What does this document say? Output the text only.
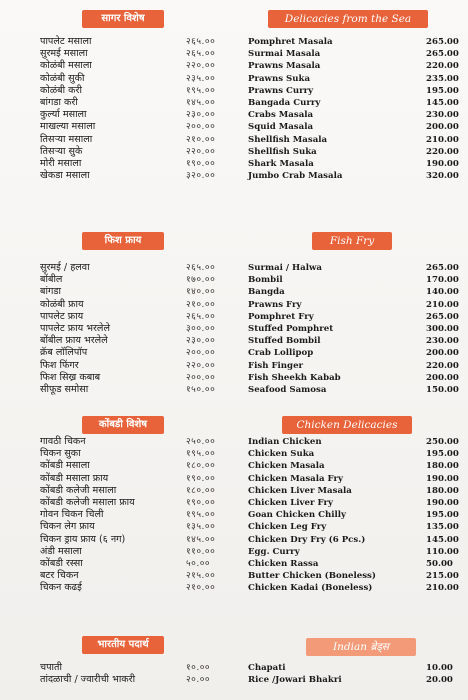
सागर विशेष	Delicacies from the Sea
पापलेट मसाला	२६५.००
सुरमई मसाला	२६५.००
कोळंबी मसाला	२२०.००
कोळंबी सुकी	२३५.००
कोळंबी करी	१९५.००
बांगडा करी	१४५.००
कुर्ल्या मसाला	२३०.००
माखल्या मसाला	२००.००
तिसऱ्या मसाला	२१०.००
तिसऱ्या सुके	२२०.००
मोरी मसाला	१९०.००
खेकडा मसाला	३२०.००
Pomphret Masala	265.00
Surmai Masala	265.00
Prawns Masala	220.00
Prawns Suka	235.00
Prawns Curry	195.00
Bangada Curry	145.00
Crabs Masala	230.00
Squid Masala	200.00
Shellfish Masala	210.00
Shellfish Suka	220.00
Shark Masala	190.00
Jumbo Crab Masala	320.00
फिश फ्राय	Fish Fry
सुरमई / हलवा	२६५.००
बोंबील	१७०.००
बांगडा	१४०.००
कोळंबी फ्राय	२१०.००
पापलेट फ्राय	२६५.००
पापलेट फ्राय भरलेले	३००.००
बोंबील फ्राय भरलेले	२३०.००
क्रॅब लॉलिपॉप	२००.००
फिश फिंगर	२२०.००
फिश सिख्र कबाब	२००.००
सीफूड समोसा	१५०.००
Surmai / Halwa	265.00
Bombil	170.00
Bangda	140.00
Prawns Fry	210.00
Pomphret Fry	265.00
Stuffed Pomphret	300.00
Stuffed Bombil	230.00
Crab Lollipop	200.00
Fish Finger	220.00
Fish Sheekh Kabab	200.00
Seafood Samosa	150.00
कोंबडी विशेष	Chicken Delicacies
गावठी चिकन	२५०.००
चिकन सुका	१९५.००
कोंबडी मसाला	१८०.००
कोंबडी मसाला फ्राय	१९०.००
कोंबडी कलेजी मसाला	१८०.००
कोंबडी कलेजी मसाला फ्राय	१९०.००
गोवन चिकन चिली	१९५.००
चिकन लेग फ्राय	१३५.००
चिकन ड्राय फ्राय (६ नग)	१४५.००
अंडी मसाला	११०.००
कोंबडी रस्सा	५०.००
बटर चिकन	२१५.००
चिकन कढई	२१०.००
Indian Chicken	250.00
Chicken Suka	195.00
Chicken Masala	180.00
Chicken Masala Fry	190.00
Chicken Liver Masala	180.00
Chicken Liver Fry	190.00
Goan Chicken Chilly	195.00
Chicken Leg Fry	135.00
Chicken Dry Fry (6 Pcs.)	145.00
Egg. Curry	110.00
Chicken Rassa	50.00
Butter Chicken (Boneless)	215.00
Chicken Kadai (Boneless)	210.00
भारतीय पदार्थ	Indian ब्रेड्स
चपाती	१०.००
तांदळाची / ज्वारीची भाकरी	२०.००
Chapati	10.00
Rice /Jowari Bhakri	20.00
